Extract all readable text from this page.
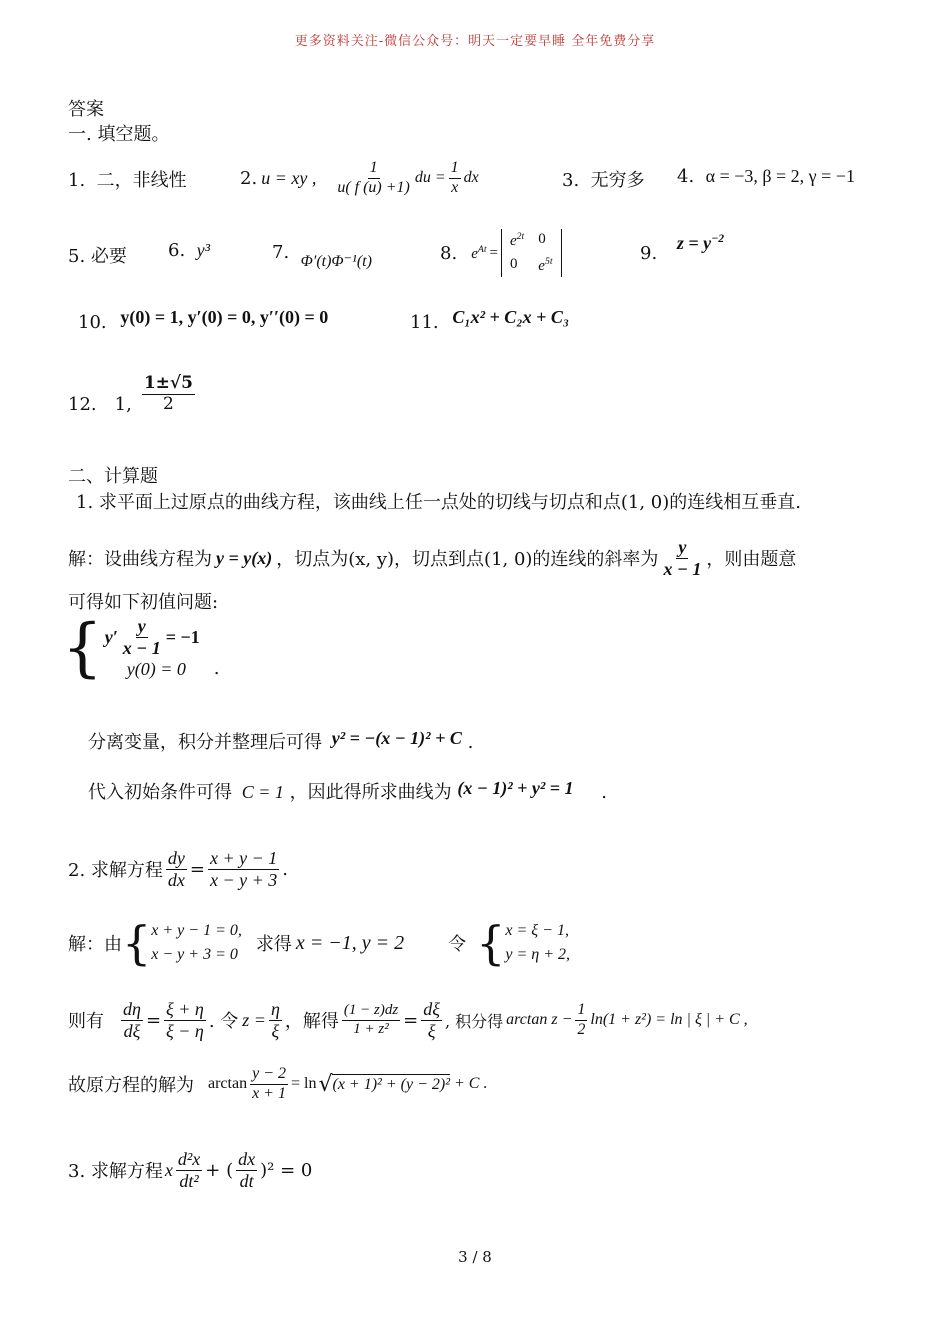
更多资料关注-微信公众号：明天一定要早睡 全年免费分享
答案
一. 填空题。
1. 二，非线性	2. u = xy , $\frac{1}{u( f (u) +1)}$ du = $\frac{1}{x}$ dx	3. 无穷多 4. α = −3, β = 2, γ = −1
5. 必要 6. y³	7. Φ′(t)Φ⁻¹(t)	8. $e^{At}$ =
$e^{2t}$ 0
0	$e^{5t}$	9. $z = y^{-2}$
10. y(0) = 1, y′(0) = 0, y′′(0) = 0	11. C₁x² + C₂x + C₃
12. 1, $\frac{1\pm√5}{2}$
二、计算题
1. 求平面上过原点的曲线方程，该曲线上任一点处的切线与切点和点(1, 0)的连线相互垂直.
解：设曲线方程为 y = y(x) ，切点为(x, y)，切点到点(1, 0)的连线的斜率为 $\frac{y}{x - 1}$ ，则由题意
可得如下初值问题:
{ $y' \frac{y}{x - 1} = -1$
y(0) = 0	.
分离变量，积分并整理后可得 y² = −(x − 1)² + C .
代入初始条件可得 C = 1 ，因此得所求曲线为 (x − 1)² + y² = 1 .
2. 求解方程 $\frac{dy}{dx} = \frac{x + y - 1}{x - y + 3}$ .
解：由 { x + y − 1 = 0,
x − y + 3 = 0 求得 x = −1, y = 2 令 { x = ξ − 1,
y = η + 2,
则有 $\frac{d\eta}{d\xi} = \frac{\xi + \eta}{\xi - \eta}$ . 令 $z = \frac{\eta}{\xi}$ ，解得 $\frac{(1 - z)dz}{\text{1 + z²}} = \frac{d\xi}{\xi}$ , 积分得 $\arctan z - \frac{1}{2} \ln(1 + z^2) = \ln$ | ξ | + C ,
故原方程的解为 $\arctan \frac{y - 2}{x + 1} = \ln$ √ (x + 1)² + (y − 2)² + C .
3. 求解方程 x $\frac{\text{d²x}}{\text{dt²}}$ + ( $\frac{dx}{dt} )^2 = 0$
3 / 8
